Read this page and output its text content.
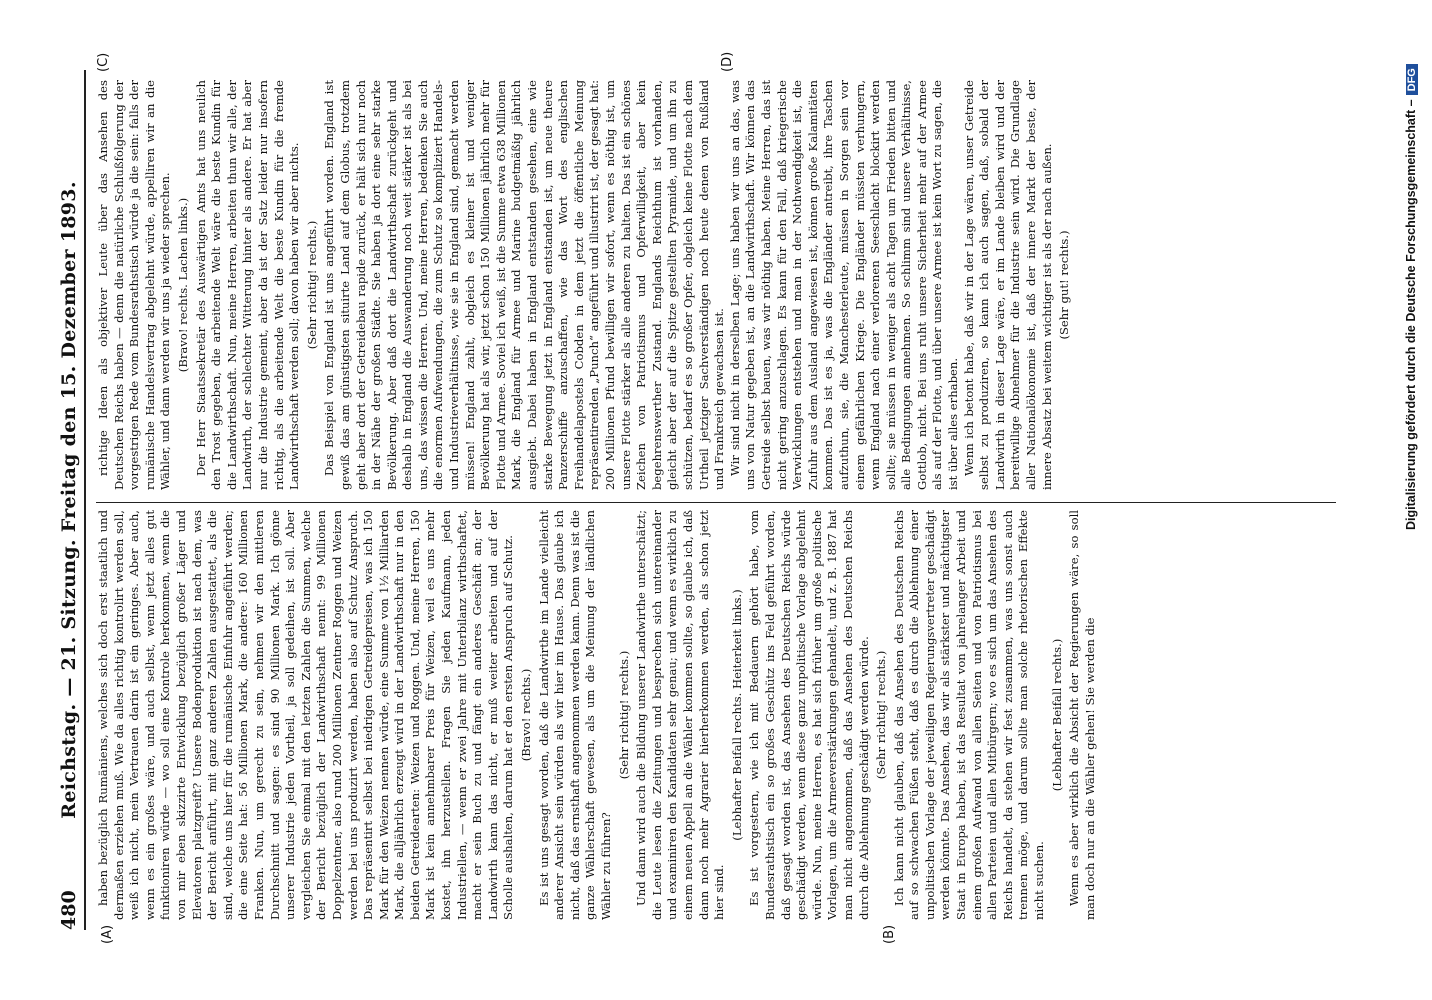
480
Reichstag. — 21. Sitzung. Freitag den 15. Dezember 1893.
(A)	(B)
(C)	(D)

haben bezüglich Rumäniens, welches sich doch erst staatlich und dermaßen erziehen muß. Wie da alles richtig kontrolirt werden soll, weiß ich nicht, mein Vertrauen darin ist ein geringes. Aber auch, wenn es ein großes wäre, und auch selbst, wenn jetzt alles gut funktioniren würde — wo soll eine Kontrole herkommen, wenn die von mir eben skizzirte Entwicklung bezüglich großer Läger und Elevatoren platzgreift? Unsere Bodenproduktion ist nach dem, was der Bericht anführt, mit ganz anderen Zahlen ausgestattet, als die sind, welche uns hier für die rumänische Einfuhr angeführt werden; die eine Seite hat: 56 Millionen Mark, die andere: 160 Millionen Franken. Nun, um gerecht zu sein, nehmen wir den mittleren Durchschnitt und sagen: es sind 90 Millionen Mark. Ich gönne unserer Industrie jeden Vortheil, ja soll gedeihen, ist soll. Aber vergleichen Sie einmal mit den letzten Zahlen die Summen, welche der Bericht bezüglich der Landwirthschaft nennt: 99 Millionen Doppelzentner, also rund 200 Millionen Zentner Roggen und Weizen werden bei uns produzirt werden, haben also auf Schutz Anspruch. Das repräsentirt selbst bei niedrigen Getreidepreisen, was ich 150 Mark für den Weizen nennen würde, eine Summe von 1½ Milliarden Mark, die alljährlich erzeugt wird in der Landwirthschaft nur in den beiden Getreidearten: Weizen und Roggen. Und, meine Herren, 150 Mark ist kein annehmbarer Preis für Weizen, weil es uns mehr kostet, ihn herzustellen. Fragen Sie jeden Kaufmann, jeden Industriellen, — wenn er zwei Jahre mit Unterbilanz wirthschaftet, macht er sein Buch zu und fängt ein anderes Geschäft an; der Landwirth kann das nicht, er muß weiter arbeiten und auf der Scholle aushalten, darum hat er den ersten Anspruch auf Schutz. (Bravo! rechts.) Es ist uns gesagt worden, daß die Landwirthe im Lande vielleicht anderer Ansicht sein würden als wir hier im Hause. Das glaube ich nicht, daß das ernsthaft angenommen werden kann. Denn was ist die ganze Wählerschaft gewesen, als um die Meinung der ländlichen Wähler zu führen?

(Sehr richtig! rechts.) Und dann wird auch die Bildung unserer Landwirthe unterschätzt; die Leute lesen die Zeitungen und besprechen sich untereinander und examiniren den Kandidaten sehr genau; und wenn es wirklich zu einem neuen Appell an die Wähler kommen sollte, so glaube ich, daß dann noch mehr Agrarier hierherkommen werden, als schon jetzt hier sind.

(Lebhafter Beifall rechts. Heiterkeit links.) Es ist vorgestern, wie ich mit Bedauern gehört habe, vom Bundesrathstisch ein so großes Geschütz ins Feld geführt worden, daß gesagt worden ist, das Ansehen des Deutschen Reichs würde geschädigt werden, wenn diese ganz unpolitische Vorlage abgelehnt würde. Nun, meine Herren, es hat sich früher um große politische Vorlagen, um die Armeeverstärkungen gehandelt, und z. B. 1887 hat man nicht angenommen, daß das Ansehen des Deutschen Reichs durch die Ablehnung geschädigt werden würde. (Sehr richtig! rechts.) Ich kann nicht glauben, daß das Ansehen des Deutschen Reichs auf so schwachen Füßen steht, daß es durch die Ablehnung einer unpolitischen Vorlage der jeweiligen Regierungsvertreter geschädigt werden könnte. Das Ansehen, das wir als stärkster und mächtigster Staat in Europa haben, ist das Resultat von jahrelanger Arbeit und einem großen Aufwand von allen Seiten und von Patriotismus bei allen Parteien und allen Mitbürgern; wo es sich um das Ansehen des Reichs handelt, da stehen wir fest zusammen, was uns sonst auch trennen möge, und darum sollte man solche rhetorischen Effekte nicht suchen.

(Lebhafter Beifall rechts.) Wenn es aber wirklich die Absicht der Regierungen wäre, so soll man doch nur an die Wähler gehen! Sie werden die

richtige Ideen als objektiver Leute über das Ansehen des Deutschen Reichs haben — denn die natürliche Schlußfolgerung der vorgestrigen Rede vom Bundesrathstisch würde ja die sein: falls der rumänische Handelsvertrag abgelehnt würde, appelliren wir an die Wähler, und dann werden wir uns ja wieder sprechen. (Bravo! rechts. Lachen links.) Der Herr Staatssekretär des Auswärtigen Amts hat uns neulich den Trost gegeben, die arbeitende Welt wäre die beste Kundin für die Landwirthschaft. Nun, meine Herren, arbeiten thun wir alle, der Landwirth, der schlechter Witterung hinter als andere. Er hat aber nur die Industrie gemeint, aber da ist der Satz leider nur insofern richtig, als die arbeitende Welt die beste Kundin für die fremde Landwirthschaft werden soll; davon haben wir aber nichts. (Sehr richtig! rechts.) Das Beispiel von England ist uns angeführt worden. England ist gewiß das am günstigsten situirte Land auf dem Globus, trotzdem geht aber dort der Getreidebau rapide zurück, er hält sich nur noch in der Nähe der großen Städte. Sie haben ja dort eine sehr starke Bevölkerung. Aber daß dort die Landwirthschaft zurückgeht und deshalb in England die Auswanderung noch weit stärker ist als bei uns, das wissen die Herren. Und, meine Herren, bedenken Sie auch die enormen Aufwendungen, die zum Schutz so kompliziert Handels- und Industrieverhältnisse, wie sie in England sind, gemacht werden müssen! England zahlt, obgleich es kleiner ist und weniger Bevölkerung hat als wir, jetzt schon 150 Millionen jährlich mehr für Flotte und Armee. Soviel ich weiß, ist die Summe etwa 638 Millionen Mark, die England für Armee und Marine budgetmäßig jährlich ausgiebt. Dabei haben in England entstanden gesehen, eine wie starke Bewegung jetzt in England entstanden ist, um neue theure Panzerschiffe anzuschaffen, wie das Wort des englischen Freihandelapostels Cobden in dem jetzt die öffentliche Meinung repräsentirenden „Punch“ angeführt und illustrirt ist, der gesagt hat: 200 Millionen Pfund bewilligen wir sofort, wenn es nöthig ist, um unsere Flotte stärker als alle anderen zu halten. Das ist ein schönes Zeichen von Patriotismus und Opferwilligkeit, aber kein begehrenswerther Zustand. Englands Reichthum ist vorhanden, gleicht aber der auf die Spitze gestellten Pyramide, und um ihn zu schützen, bedarf es so großer Opfer, obgleich keine Flotte nach dem Urtheil jetziger Sachverständigen noch heute denen von Rußland und Frankreich gewachsen ist. Wir sind nicht in derselben Lage; uns haben wir uns an das, was uns von Natur gegeben ist, an die Landwirthschaft. Wir können das Getreide selbst bauen, was wir nöthig haben. Meine Herren, das ist nicht gering anzuschlagen. Es kann für den Fall, daß kriegerische Verwicklungen entstehen und man in der Nothwendigkeit ist, die Zufuhr aus dem Ausland angewiesen ist, können große Kalamitäten kommen. Das ist es ja, was die Engländer antreibt, ihre Taschen aufzuthun, sie, die Manchesterleute, müssen in Sorgen sein vor einem gefährlichen Kriege. Die Engländer müssten verhungern, wenn England nach einer verlorenen Seeschlacht blockirt werden sollte; sie müssen in weniger als acht Tagen um Frieden bitten und alle Bedingungen annehmen. So schlimm sind unsere Verhältnisse, Gottlob, nicht. Bei uns ruht unsere Sicherheit mehr auf der Armee als auf der Flotte, und über unsere Armee ist kein Wort zu sagen, die ist über alles erhaben. Wenn ich betont habe, daß wir in der Lage wären, unser Getreide selbst zu produziren, so kann ich auch sagen, daß, sobald der Landwirth in dieser Lage wäre, er im Lande bleiben wird und der bereitwillige Abnehmer für die Industrie sein wird. Die Grundlage aller Nationalökonomie ist, daß der innere Markt der beste, der innere Absatz bei weitem wichtiger ist als der nach außen. (Sehr gut! rechts.)	Digitalisierung gefördert durch die Deutsche Forschungsgemeinschaft –DFG
